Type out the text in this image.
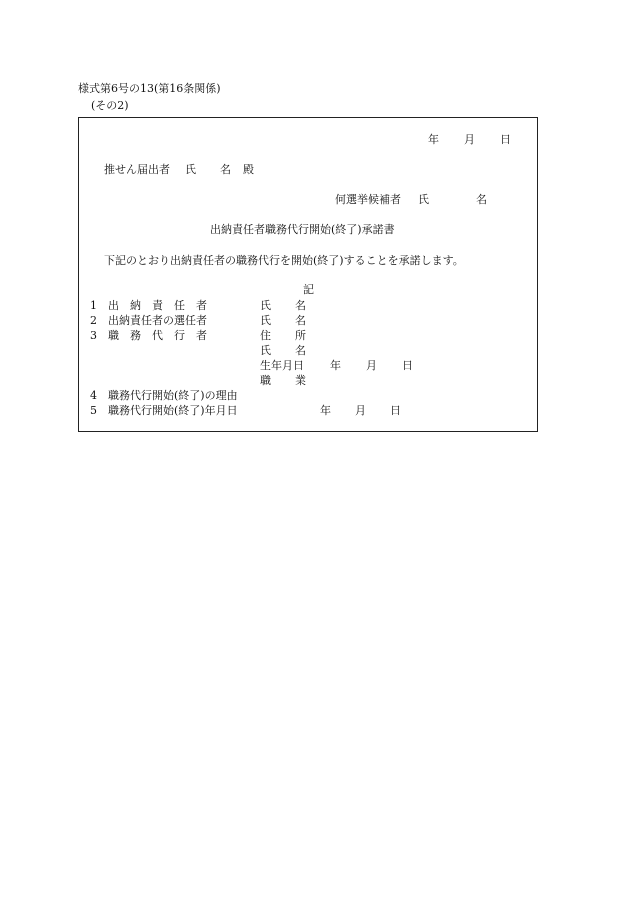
様式第6号の13(第16条関係)
(その2)
年 月 日
推せん届出者 氏 名 殿
何選挙候補者 氏	名
出納責任者職務代行開始(終了)承諾書
下記のとおり出納責任者の職務代行を開始(終了)することを承諾します。
記
1 出　納　責　任　者	氏 名
2 出納責任者の選任者	氏 名
3 職　務　代　行　者	住 所
氏 名
生年月日 年 月 日
職 業
4 職務代行開始(終了)の理由
5 職務代行開始(終了)年月日	年 月 日
